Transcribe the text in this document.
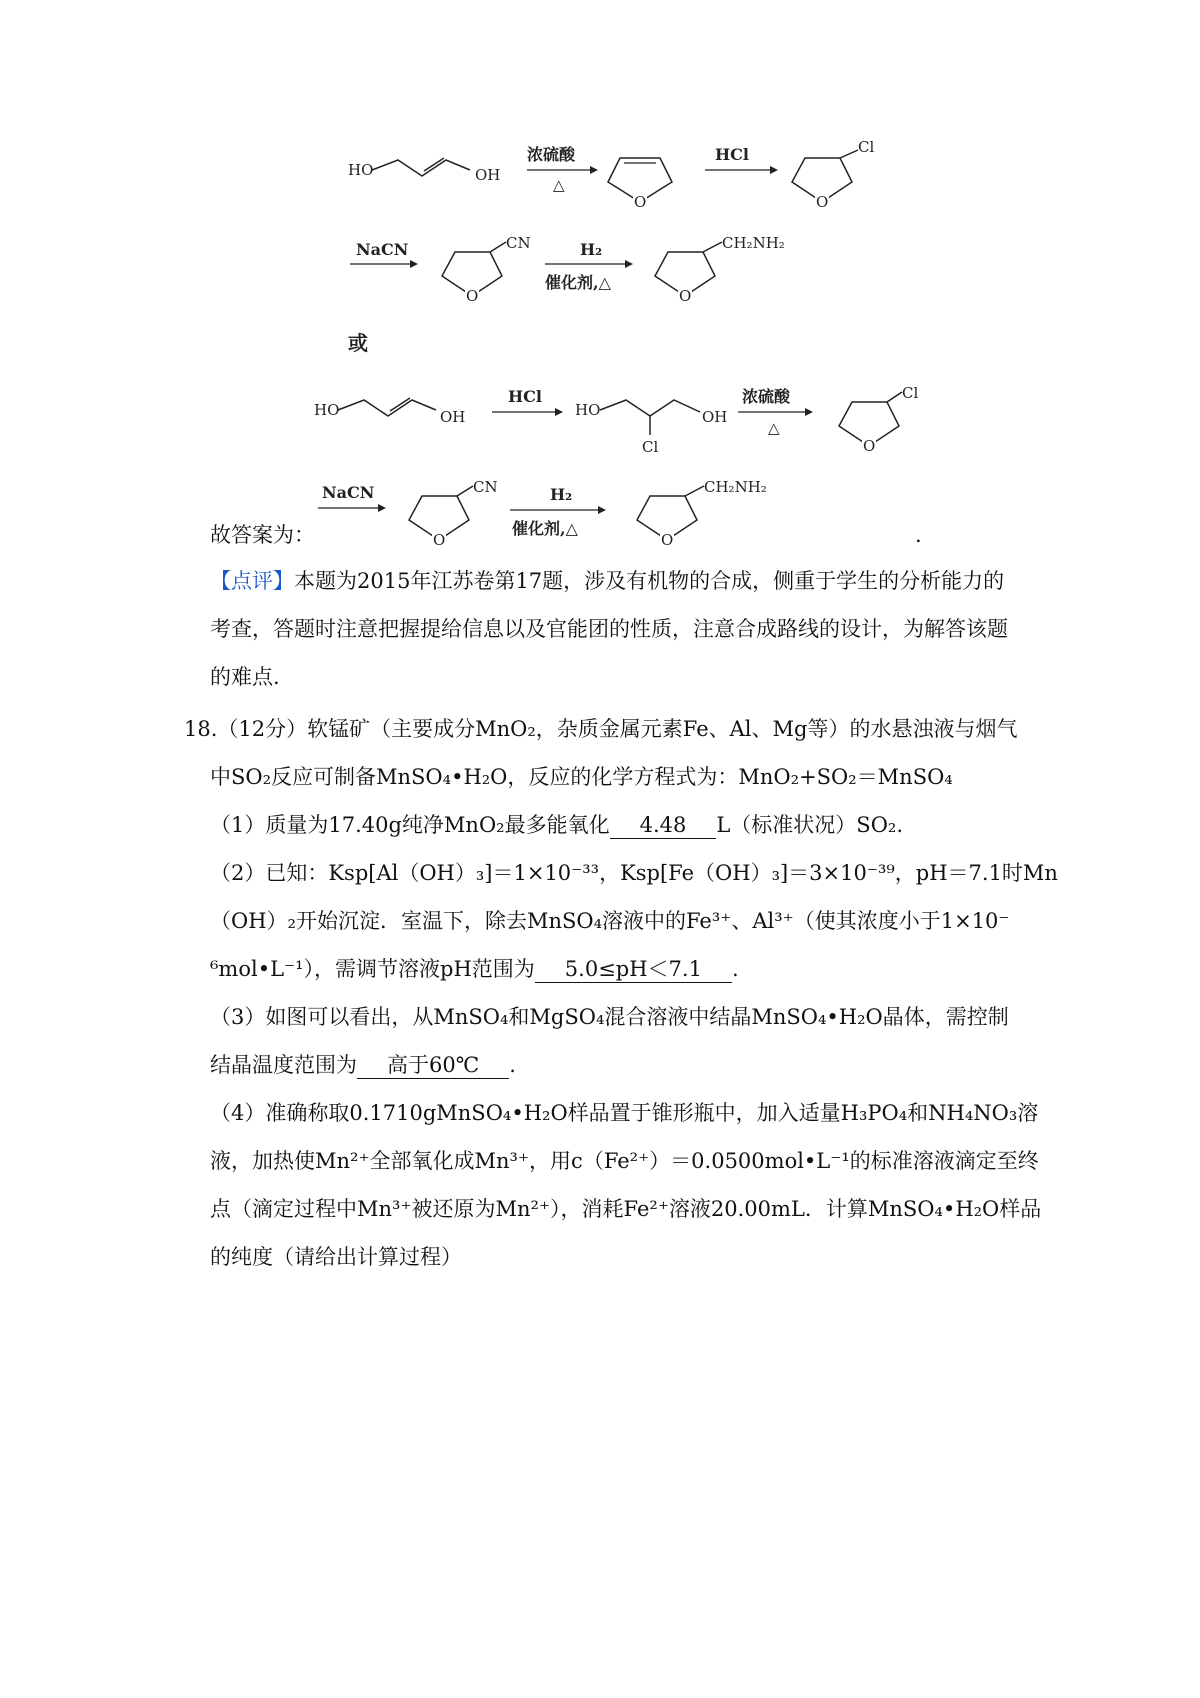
HO	OH
浓硫酸
△
O
HCl	Cl
O
NaCN	CN
O
H₂
催化剂,△
CH₂NH₂
O
或
HO	OH
HCl
HO
Cl
OH
浓硫酸
△
Cl
O
NaCN	CN
O
H₂
催化剂,△
CH₂NH₂
O
故答案为：	.
【点评】本题为2015年江苏卷第17题，涉及有机物的合成，侧重于学生的分析能力的
考查，答题时注意把握提给信息以及官能团的性质，注意合成路线的设计，为解答该题
的难点.
18.（12分）软锰矿（主要成分MnO₂，杂质金属元素Fe、Al、Mg等）的水悬浊液与烟气
中SO₂反应可制备MnSO₄•H₂O，反应的化学方程式为：MnO₂+SO₂＝MnSO₄
（1）质量为17.40g纯净MnO₂最多能氧化 4.48 L（标准状况）SO₂.
（2）已知：Ksp[Al（OH）₃]＝1×10⁻³³，Ksp[Fe（OH）₃]＝3×10⁻³⁹，pH＝7.1时Mn
（OH）₂开始沉淀．室温下，除去MnSO₄溶液中的Fe³⁺、Al³⁺（使其浓度小于1×10⁻
⁶mol•L⁻¹），需调节溶液pH范围为 5.0≤pH＜7.1 .
（3）如图可以看出，从MnSO₄和MgSO₄混合溶液中结晶MnSO₄•H₂O晶体，需控制
结晶温度范围为 高于60℃ .
（4）准确称取0.1710gMnSO₄•H₂O样品置于锥形瓶中，加入适量H₃PO₄和NH₄NO₃溶
液，加热使Mn²⁺全部氧化成Mn³⁺，用c（Fe²⁺）＝0.0500mol•L⁻¹的标准溶液滴定至终
点（滴定过程中Mn³⁺被还原为Mn²⁺），消耗Fe²⁺溶液20.00mL．计算MnSO₄•H₂O样品
的纯度（请给出计算过程）
